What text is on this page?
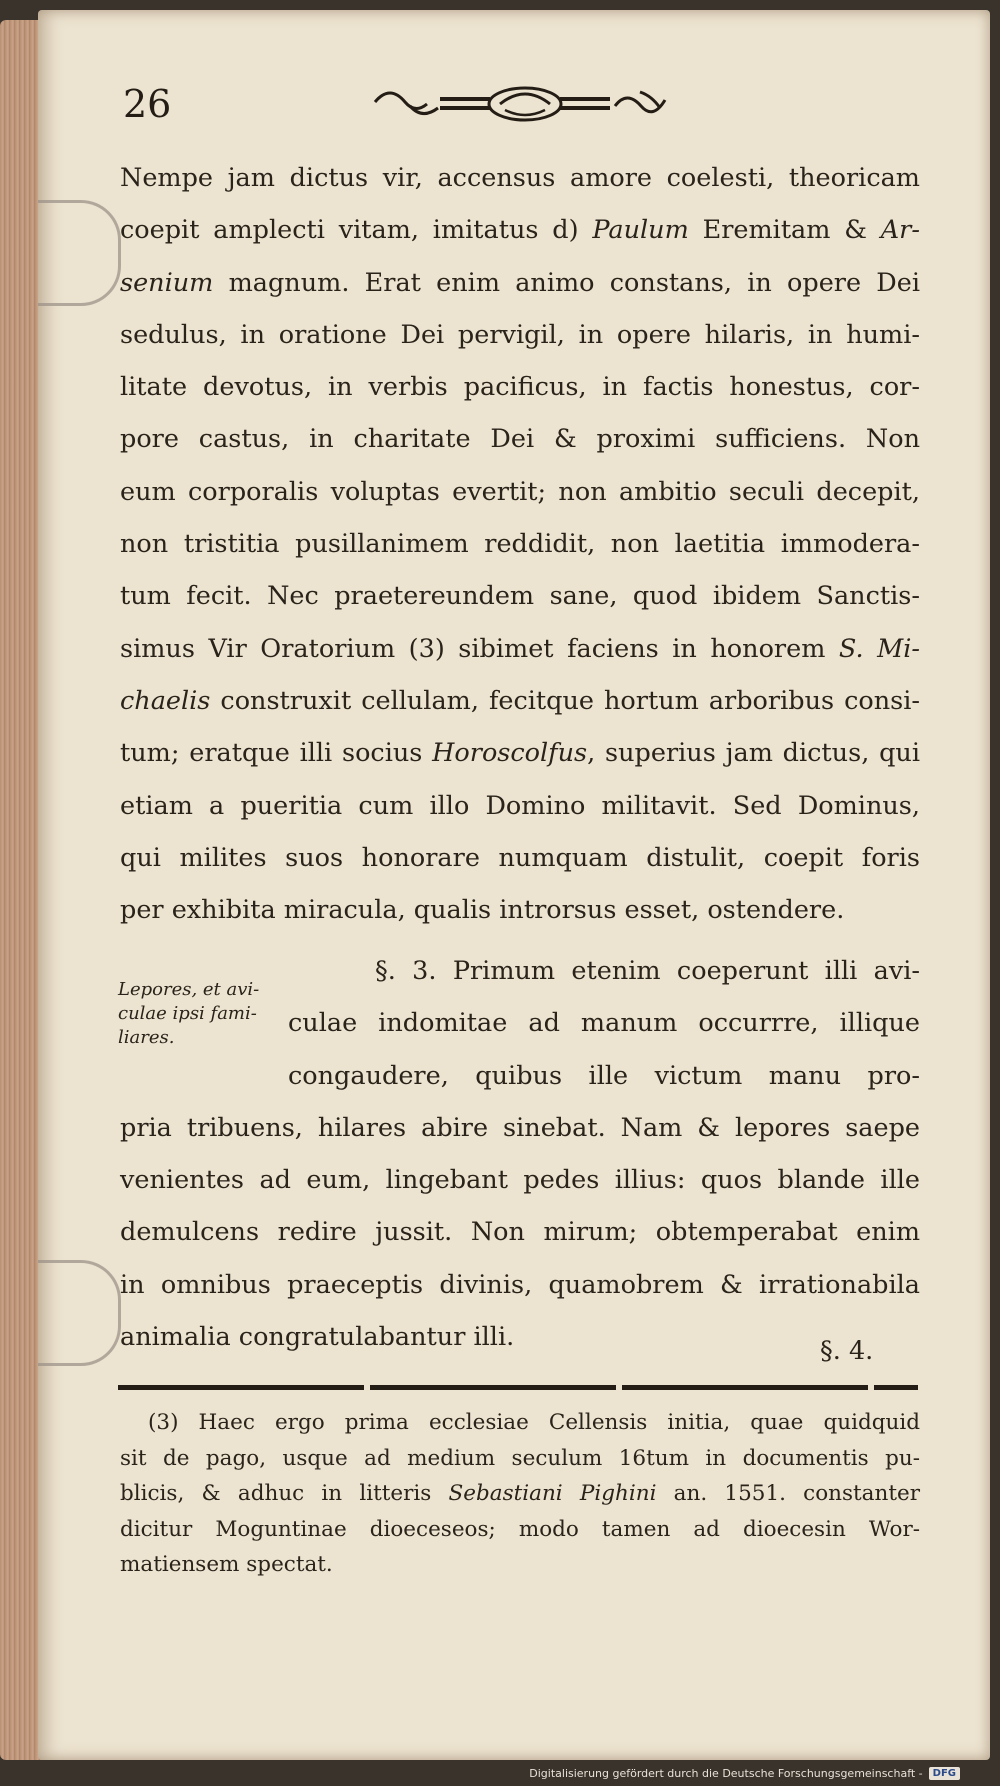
26
Nempe jam dictus vir, accensus amore coelesti, theoricam
coepit amplecti vitam, imitatus d) Paulum Eremitam & Ar-
senium magnum. Erat enim animo constans, in opere Dei
sedulus, in oratione Dei pervigil, in opere hilaris, in humi-
litate devotus, in verbis pacificus, in factis honestus, cor-
pore castus, in charitate Dei & proximi sufficiens. Non
eum corporalis voluptas evertit; non ambitio seculi decepit,
non tristitia pusillanimem reddidit, non laetitia immodera-
tum fecit. Nec praetereundem sane, quod ibidem Sanctis-
simus Vir Oratorium (3) sibimet faciens in honorem S. Mi-
chaelis construxit cellulam, fecitque hortum arboribus consi-
tum; eratque illi socius Horoscolfus, superius jam dictus, qui
etiam a pueritia cum illo Domino militavit. Sed Dominus,
qui milites suos honorare numquam distulit, coepit foris
per exhibita miracula, qualis introrsus esset, ostendere.
Lepores, et avi-culae ipsi fami-liares.
§. 3. Primum etenim coeperunt illi avi-
culae indomitae ad manum occurrre, illique
congaudere, quibus ille victum manu pro-
pria tribuens, hilares abire sinebat. Nam & lepores saepe
venientes ad eum, lingebant pedes illius: quos blande ille
demulcens redire jussit. Non mirum; obtemperabat enim
in omnibus praeceptis divinis, quamobrem & irrationabila
animalia congratulabantur illi.	§. 4.
(3) Haec ergo prima ecclesiae Cellensis initia, quae quidquid
sit de pago, usque ad medium seculum 16tum in documentis pu-
blicis, & adhuc in litteris Sebastiani Pighini an. 1551. constanter
dicitur Moguntinae dioeceseos; modo tamen ad dioecesin Wor-
matiensem spectat.
Digitalisierung gefördert durch die Deutsche Forschungsgemeinschaft -	DFG
